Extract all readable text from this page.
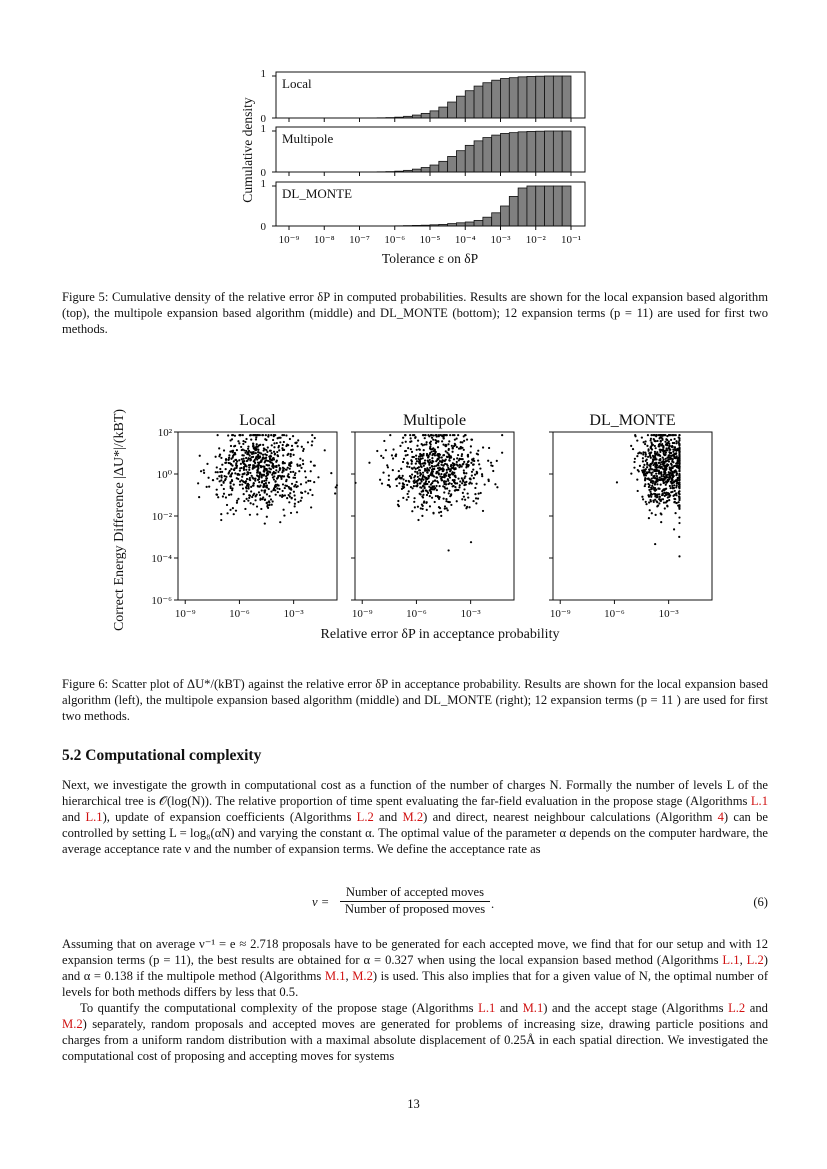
Local
1
0
Multipole
1
0
DL_MONTE
1
0
10⁻⁹ 10⁻⁸ 10⁻⁷ 10⁻⁶ 10⁻⁵ 10⁻⁴ 10⁻³ 10⁻² 10⁻¹
Tolerance ε on δP
Cumulative density
Figure 5: Cumulative density of the relative error δP in computed probabilities. Results are shown for the local expansion based algorithm (top), the multipole expansion based algorithm (middle) and DL_MONTE (bottom); 12 expansion terms (p = 11) are used for first two methods.
Local
10⁻⁹	10⁻⁶	10⁻³
10²
10⁰
10⁻²
10⁻⁴
10⁻⁶
Multipole
10⁻⁹	10⁻⁶	10⁻³
DL_MONTE
10⁻⁹	10⁻⁶	10⁻³
Relative error δP in acceptance probability
Correct Energy Difference |ΔU*|/(kBT)
Figure 6: Scatter plot of ΔU*/(kBT) against the relative error δP in acceptance probability. Results are shown for the local expansion based algorithm (left), the multipole expansion based algorithm (middle) and DL_MONTE (right); 12 expansion terms (p = 11 ) are used for first two methods.
5.2 Computational complexity
Next, we investigate the growth in computational cost as a function of the number of charges N. Formally the number of levels L of the hierarchical tree is 𝒪(log(N)). The relative proportion of time spent evaluating the far-field evaluation in the propose stage (Algorithms L.1 and L.1), update of expansion coefficients (Algorithms L.2 and M.2) and direct, nearest neighbour calculations (Algorithm 4) can be controlled by setting L = log₈(αN) and varying the constant α. The optimal value of the parameter α depends on the computer hardware, the average acceptance rate ν and the number of expansion terms. We define the acceptance rate as
ν =
Number of accepted moves
Number of proposed moves .	(6)
Assuming that on average ν⁻¹ = e ≈ 2.718 proposals have to be generated for each accepted move, we find that for our setup and with 12 expansion terms (p = 11), the best results are obtained for α = 0.327 when using the local expansion based method (Algorithms L.1, L.2) and α = 0.138 if the multipole method (Algorithms M.1, M.2) is used. This also implies that for a given value of N, the optimal number of levels for both methods differs by less that 0.5.
To quantify the computational complexity of the propose stage (Algorithms L.1 and M.1) and the accept stage (Algorithms L.2 and M.2) separately, random proposals and accepted moves are generated for problems of increasing size, drawing particle positions and charges from a uniform random distribution with a maximal absolute displacement of 0.25Å in each spatial direction. We investigated the computational cost of proposing and accepting moves for systems
13
